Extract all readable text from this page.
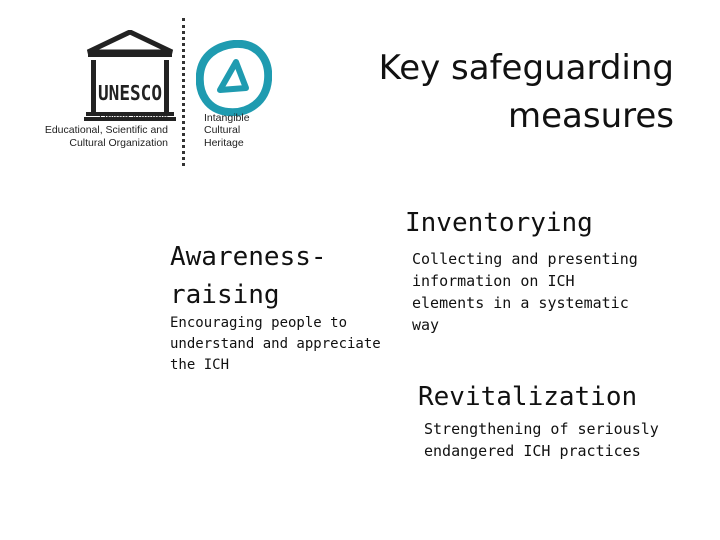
UNESCO
United Nations
Educational, Scientific and
Cultural Organization
Intangible
Cultural
Heritage
Key safeguarding
measures
Awareness-raising
Encouraging people to understand and appreciate the ICH
Inventorying
Collecting and presenting information on ICH elements in a systematic way
Revitalization
Strengthening of seriously endangered ICH practices
